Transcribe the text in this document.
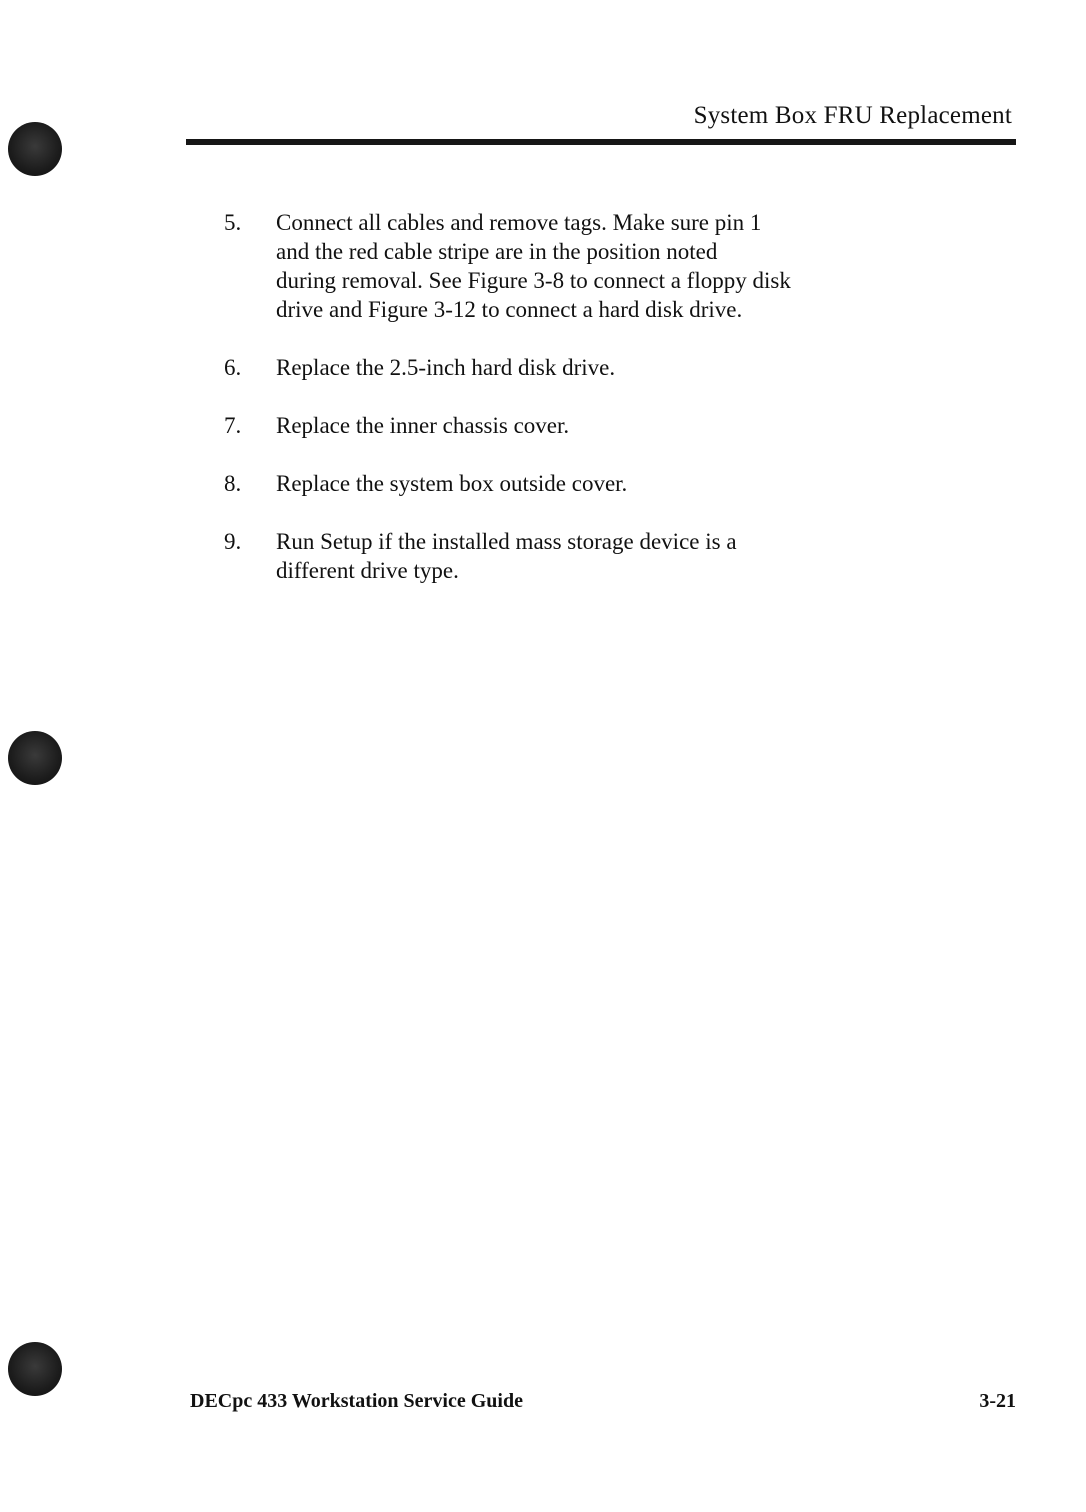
System Box FRU Replacement
5.	Connect all cables and remove tags. Make sure pin 1
and the red cable stripe are in the position noted
during removal. See Figure 3-8 to connect a floppy disk
drive and Figure 3-12 to connect a hard disk drive.
6.	Replace the 2.5-inch hard disk drive.
7.	Replace the inner chassis cover.
8.	Replace the system box outside cover.
9.	Run Setup if the installed mass storage device is a
different drive type.
DECpc 433 Workstation Service Guide	3-21
